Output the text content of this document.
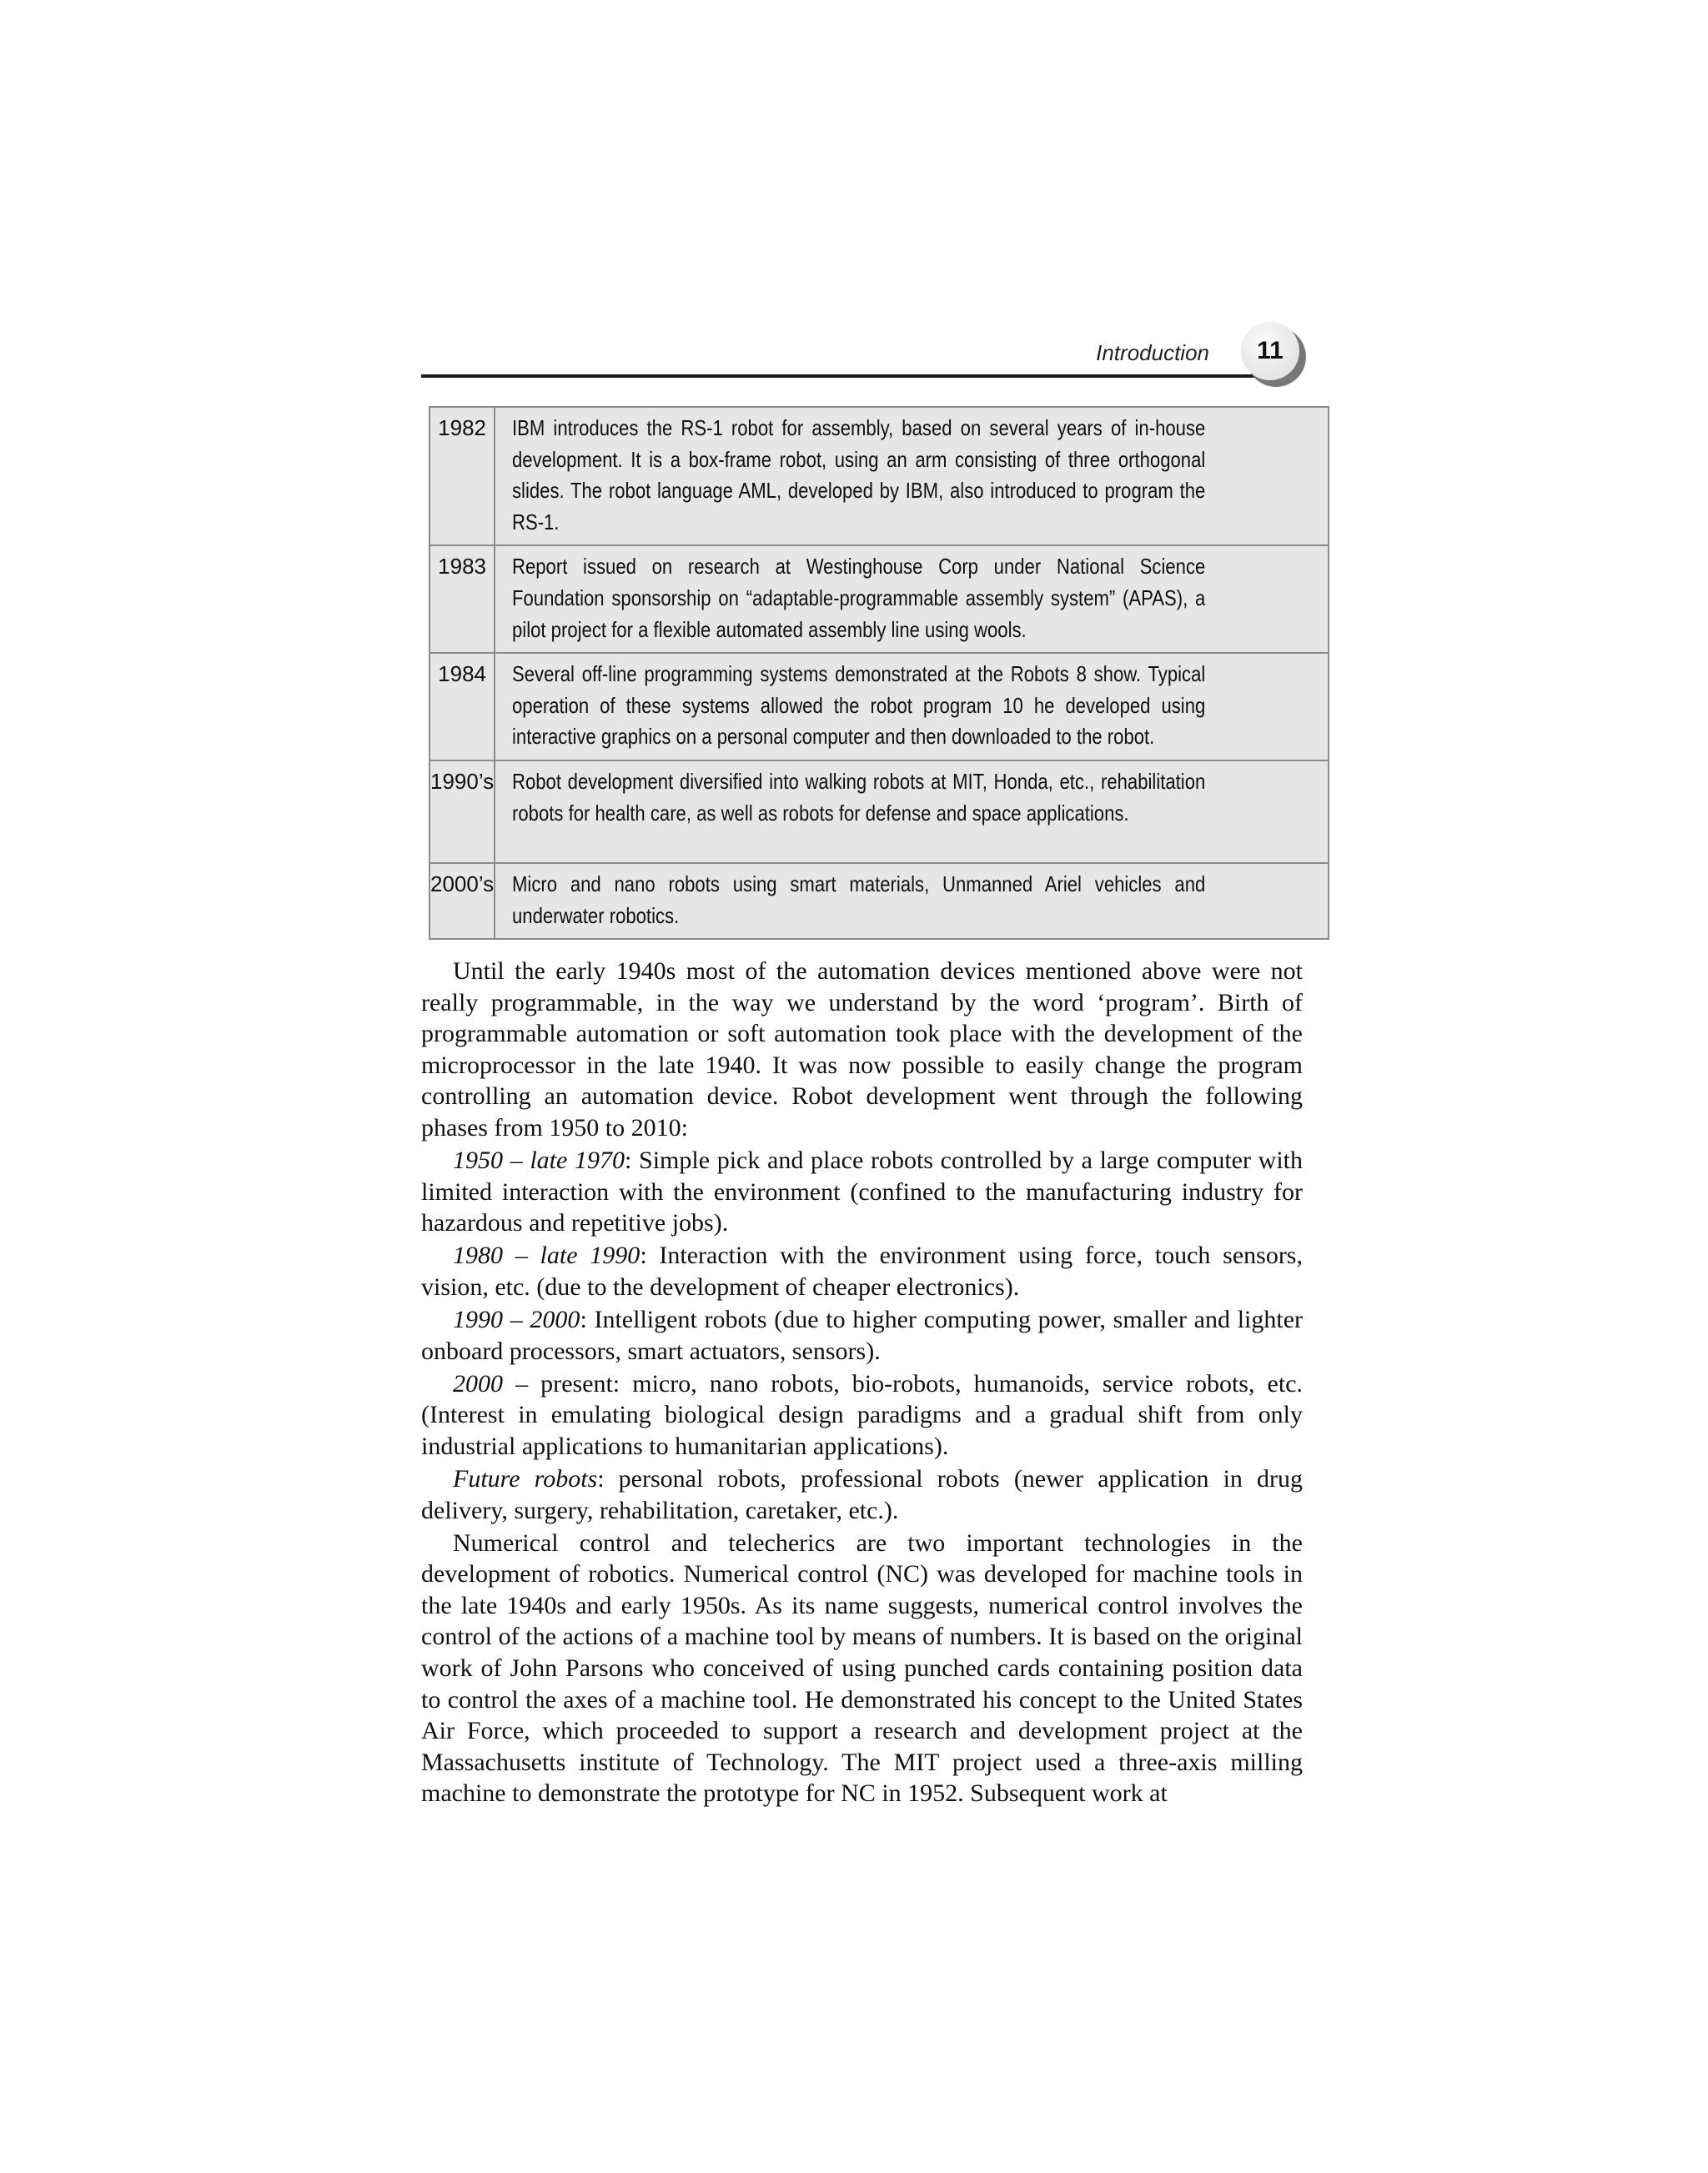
Introduction	11
1982	IBM introduces the RS-1 robot for assembly, based on several years of in-house development. It is a box-frame robot, using an arm consisting of three orthogonal slides. The robot language AML, developed by IBM, also introduced to program the RS-1.

1983	Report issued on research at Westinghouse Corp under National Science Foundation sponsorship on “adaptable-programmable assembly system” (APAS), a pilot project for a flexible automated assembly line using wools.

1984	Several off-line programming systems demonstrated at the Robots 8 show. Typical operation of these systems allowed the robot program 10 he developed using interactive graphics on a personal computer and then downloaded to the robot.

1990’s	Robot development diversified into walking robots at MIT, Honda, etc., rehabilitation robots for health care, as well as robots for defense and space applications.

2000’s	Micro and nano robots using smart materials, Unmanned Ariel vehicles and underwater robotics.

Until the early 1940s most of the automation devices mentioned above were not really programmable, in the way we understand by the word ‘program’. Birth of programmable automation or soft automation took place with the development of the microprocessor in the late 1940. It was now possible to easily change the program controlling an automation device. Robot development went through the following phases from 1950 to 2010:

1950 – late 1970: Simple pick and place robots controlled by a large computer with limited interaction with the environment (confined to the manufacturing industry for hazardous and repetitive jobs).

1980 – late 1990: Interaction with the environment using force, touch sensors, vision, etc. (due to the development of cheaper electronics).

1990 – 2000: Intelligent robots (due to higher computing power, smaller and lighter onboard processors, smart actuators, sensors).

2000 – present: micro, nano robots, bio-robots, humanoids, service robots, etc. (Interest in emulating biological design paradigms and a gradual shift from only industrial applications to humanitarian applications).

Future robots: personal robots, professional robots (newer application in drug delivery, surgery, rehabilitation, caretaker, etc.).

Numerical control and telecherics are two important technologies in the development of robotics. Numerical control (NC) was developed for machine tools in the late 1940s and early 1950s. As its name suggests, numerical control involves the control of the actions of a machine tool by means of numbers. It is based on the original work of John Parsons who conceived of using punched cards containing position data to control the axes of a machine tool. He demonstrated his concept to the United States Air Force, which proceeded to support a research and development project at the Massachusetts institute of Technology. The MIT project used a three-axis milling machine to demonstrate the prototype for NC in 1952. Subsequent work at
